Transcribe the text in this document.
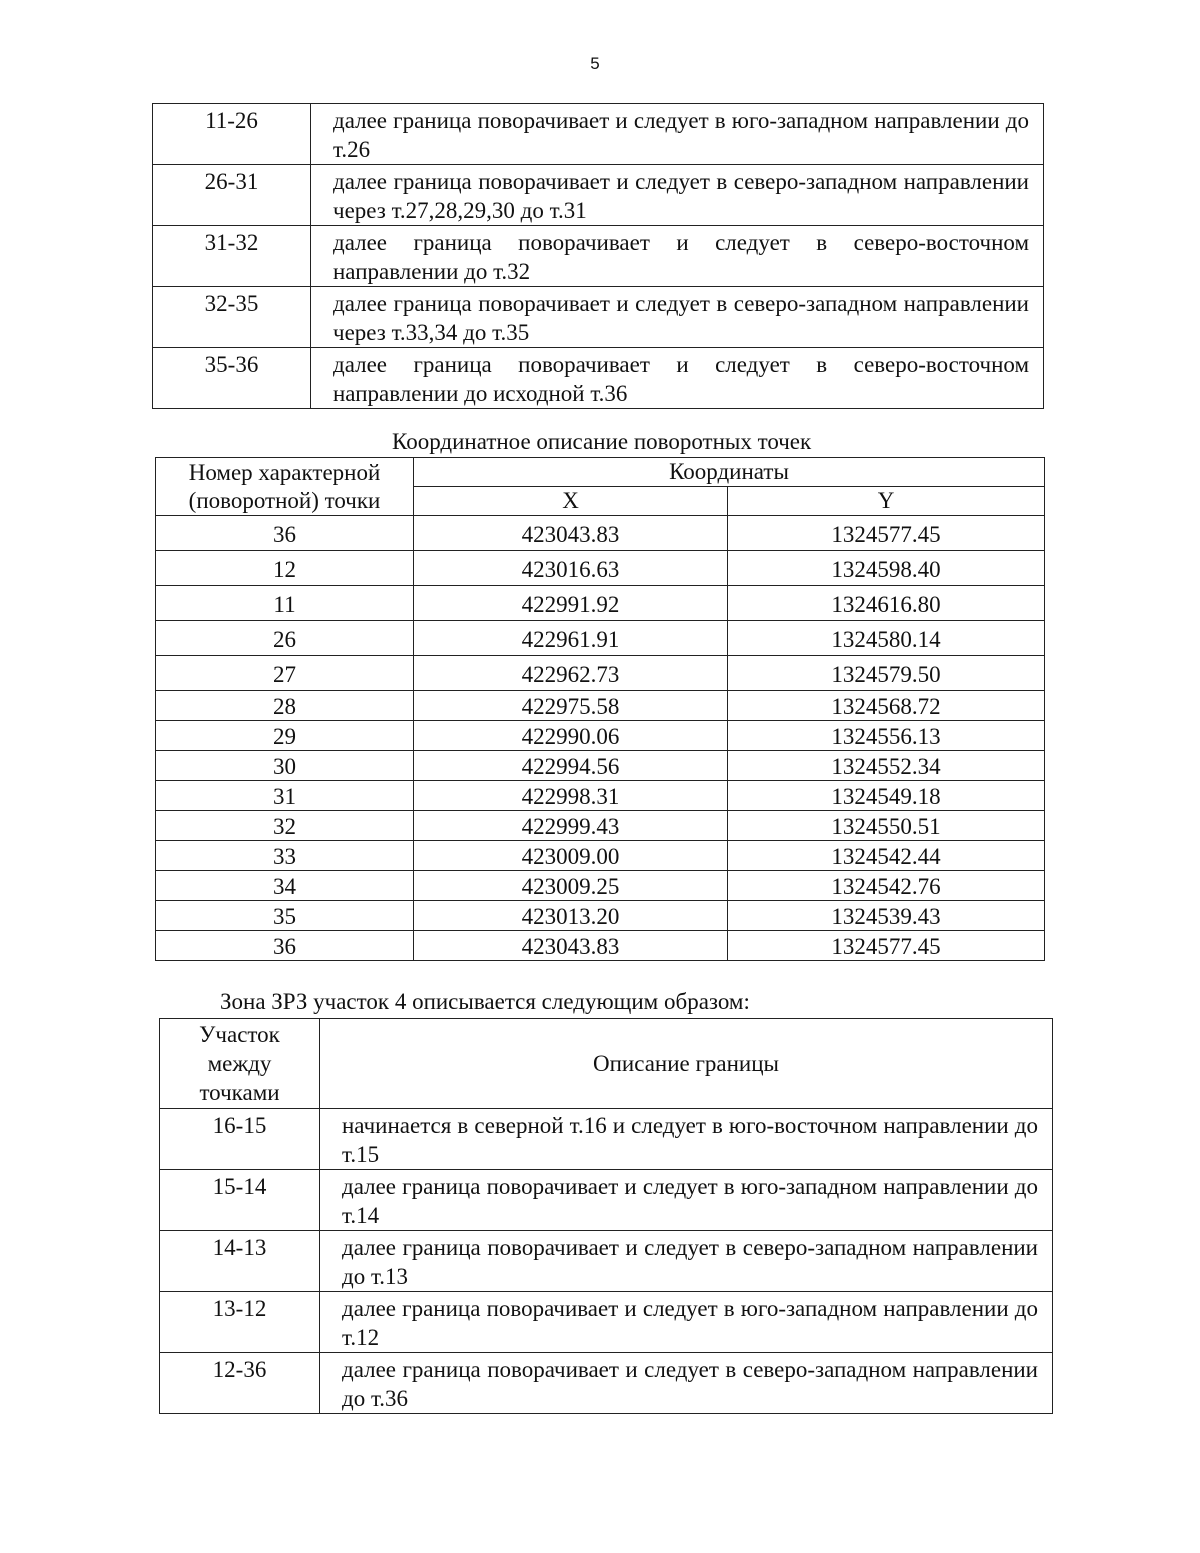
5
11-26	далее граница поворачивает и следует в юго-западном направлении до т.26
26-31	далее граница поворачивает и следует в северо-западном направлении через т.27,28,29,30 до т.31
31-32	далее граница поворачивает и следует в северо-восточном направлении до т.32
32-35	далее граница поворачивает и следует в северо-западном направлении через т.33,34 до т.35
35-36	далее граница поворачивает и следует в северо-восточном направлении до исходной т.36
Координатное описание поворотных точек
Номер характерной (поворотной) точки	Координаты	
	X	Y
36	423043.83	1324577.45
12	423016.63	1324598.40
11	422991.92	1324616.80
26	422961.91	1324580.14
27	422962.73	1324579.50
28	422975.58	1324568.72
29	422990.06	1324556.13
30	422994.56	1324552.34
31	422998.31	1324549.18
32	422999.43	1324550.51
33	423009.00	1324542.44
34	423009.25	1324542.76
35	423013.20	1324539.43
36	423043.83	1324577.45
Зона ЗРЗ участок 4 описывается следующим образом:
Участок между точками	Описание границы
16-15	начинается в северной т.16 и следует в юго-восточном направлении до т.15
15-14	далее граница поворачивает и следует в юго-западном направлении до т.14
14-13	далее граница поворачивает и следует в северо-западном направлении до т.13
13-12	далее граница поворачивает и следует в юго-западном направлении до т.12
12-36	далее граница поворачивает и следует в северо-западном направлении до т.36
